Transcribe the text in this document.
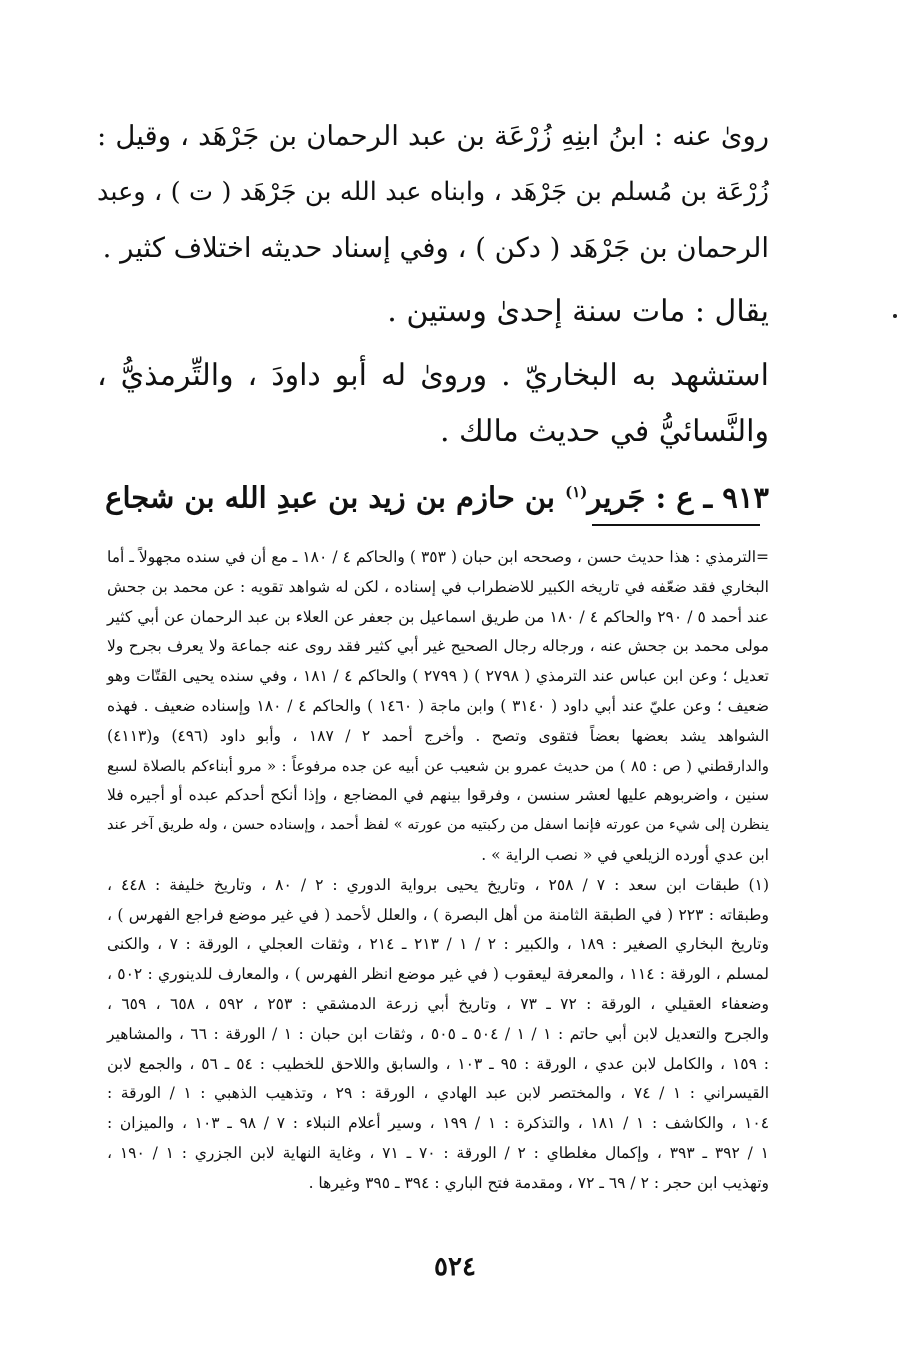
روىٰ عنه : ابنُ ابنِهِ زُرْعَة بن عبد الرحمان بن جَرْهَد ، وقيل :
زُرْعَة بن مُسلم بن جَرْهَد ، وابناه عبد الله بن جَرْهَد ( ت ) ، وعبد
الرحمان بن جَرْهَد ( دكن ) ، وفي إسناد حديثه اختلاف كثير .
يقال : مات سنة إحدىٰ وستين .
استشهد به البخاريّ . وروىٰ له أبو داودَ ، والتِّرمذيُّ ،
والنَّسائيُّ في حديث مالك .
٩١٣ ـ ع : جَرير$^{(١)}$ بن حازم بن زيد بن عبدِ الله بن شجاع
=الترمذي : هذا حديث حسن ، وصححه ابن حبان ( ٣٥٣ ) والحاكم ٤ / ١٨٠ ـ مع أن في سنده مجهولاً ـ أما
البخاري فقد ضعّفه في تاريخه الكبير للاضطراب في إسناده ، لكن له شواهد تقويه : عن محمد بن جحش
عند أحمد ٥ / ٢٩٠ والحاكم ٤ / ١٨٠ من طريق اسماعيل بن جعفر عن العلاء بن عبد الرحمان عن أبي كثير
مولى محمد بن جحش عنه ، ورجاله رجال الصحيح غير أبي كثير فقد روى عنه جماعة ولا يعرف بجرح ولا
تعديل ؛ وعن ابن عباس عند الترمذي ( ٢٧٩٨ ) ( ٢٧٩٩ ) والحاكم ٤ / ١٨١ ، وفي سنده يحيى القتّات وهو
ضعيف ؛ وعن عليّ عند أبي داود ( ٣١٤٠ ) وابن ماجة ( ١٤٦٠ ) والحاكم ٤ / ١٨٠ وإسناده ضعيف . فهذه
الشواهد يشد بعضها بعضاً فتقوى وتصح . وأخرج أحمد ٢ / ١٨٧ ، وأبو داود (٤٩٦) و(٤١١٣)
والدارقطني ( ص : ٨٥ ) من حديث عمرو بن شعيب عن أبيه عن جده مرفوعاً : « مرو أبناءكم بالصلاة لسبع
سنين ، واضربوهم عليها لعشر سنسن ، وفرقوا بينهم في المضاجع ، وإذا أنكح أحدكم عبده أو أجيره فلا
ينظرن إلى شيء من عورته فإنما اسفل من ركبتيه من عورته » لفظ أحمد ، وإسناده حسن ، وله طريق آخر عند
ابن عدي أورده الزيلعي في « نصب الراية » .
(١) طبقات ابن سعد : ٧ / ٢٥٨ ، وتاريخ يحيى برواية الدوري : ٢ / ٨٠ ، وتاريخ خليفة : ٤٤٨ ،
وطبقاته : ٢٢٣ ( في الطبقة الثامنة من أهل البصرة ) ، والعلل لأحمد ( في غير موضع فراجع الفهرس ) ،
وتاريخ البخاري الصغير : ١٨٩ ، والكبير : ٢ / ١ / ٢١٣ ـ ٢١٤ ، وثقات العجلي ، الورقة : ٧ ، والكنى
لمسلم ، الورقة : ١١٤ ، والمعرفة ليعقوب ( في غير موضع انظر الفهرس ) ، والمعارف للدينوري : ٥٠٢ ،
وضعفاء العقيلي ، الورقة : ٧٢ ـ ٧٣ ، وتاريخ أبي زرعة الدمشقي : ٢٥٣ ، ٥٩٢ ، ٦٥٨ ، ٦٥٩ ،
والجرح والتعديل لابن أبي حاتم : ١ / ١ / ٥٠٤ ـ ٥٠٥ ، وثقات ابن حبان : ١ / الورقة : ٦٦ ، والمشاهير
: ١٥٩ ، والكامل لابن عدي ، الورقة : ٩٥ ـ ١٠٣ ، والسابق واللاحق للخطيب : ٥٤ ـ ٥٦ ، والجمع لابن
القيسراني : ١ / ٧٤ ، والمختصر لابن عبد الهادي ، الورقة : ٢٩ ، وتذهيب الذهبي : ١ / الورقة :
١٠٤ ، والكاشف : ١ / ١٨١ ، والتذكرة : ١ / ١٩٩ ، وسير أعلام النبلاء : ٧ / ٩٨ ـ ١٠٣ ، والميزان :
١ / ٣٩٢ ـ ٣٩٣ ، وإكمال مغلطاي : ٢ / الورقة : ٧٠ ـ ٧١ ، وغاية النهاية لابن الجزري : ١ / ١٩٠ ،
وتهذيب ابن حجر : ٢ / ٦٩ ـ ٧٢ ، ومقدمة فتح الباري : ٣٩٤ ـ ٣٩٥ وغيرها .
٥٢٤
